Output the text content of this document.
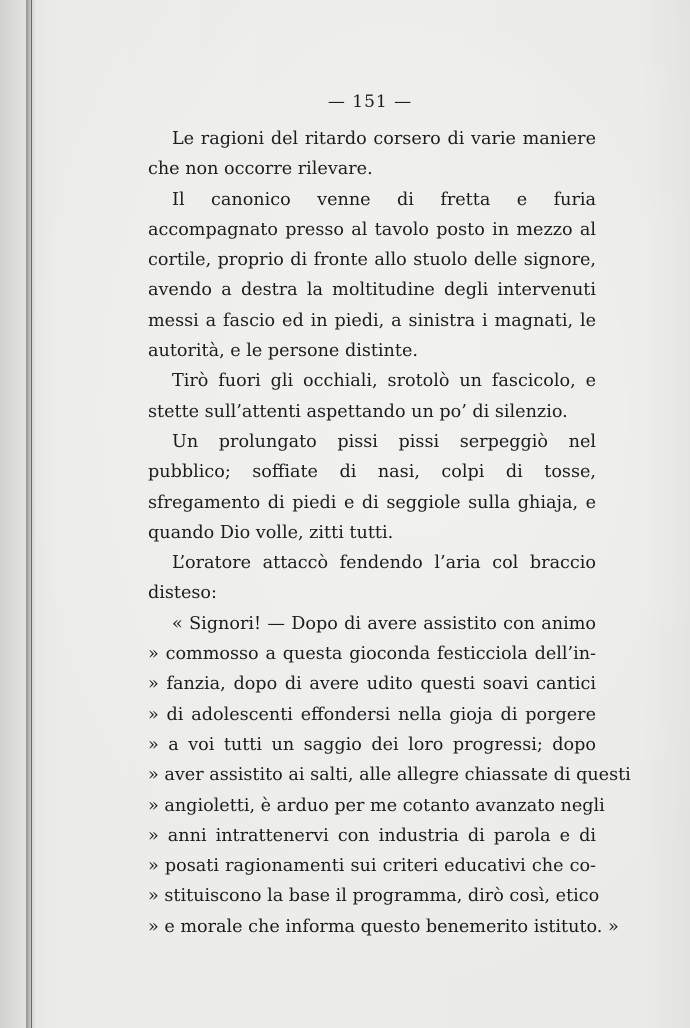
— 151 —

Le ragioni del ritardo corsero di varie maniere che non occorre rilevare.

Il canonico venne di fretta e furia accompagnato presso al tavolo posto in mezzo al cortile, proprio di fronte allo stuolo delle signore, avendo a destra la moltitudine degli intervenuti messi a fascio ed in piedi, a sinistra i magnati, le autorità, e le persone distinte.

Tirò fuori gli occhiali, srotolò un fascicolo, e stette sull’attenti aspettando un po’ di silenzio.

Un prolungato pissi pissi serpeggiò nel pubblico; soffiate di nasi, colpi di tosse, sfregamento di piedi e di seggiole sulla ghiaja, e quando Dio volle, zitti tutti.

L’oratore attaccò fendendo l’aria col braccio disteso:

« Signori! — Dopo di avere assistito con animo
» commosso a questa gioconda festicciola dell’in-
» fanzia, dopo di avere udito questi soavi cantici
» di adolescenti effondersi nella gioja di porgere
» a voi tutti un saggio dei loro progressi; dopo
» aver assistito ai salti, alle allegre chiassate di questi
» angioletti, è arduo per me cotanto avanzato negli
» anni intrattenervi con industria di parola e di
» posati ragionamenti sui criteri educativi che co-
» stituiscono la base il programma, dirò così, etico
» e morale che informa questo benemerito istituto. »
